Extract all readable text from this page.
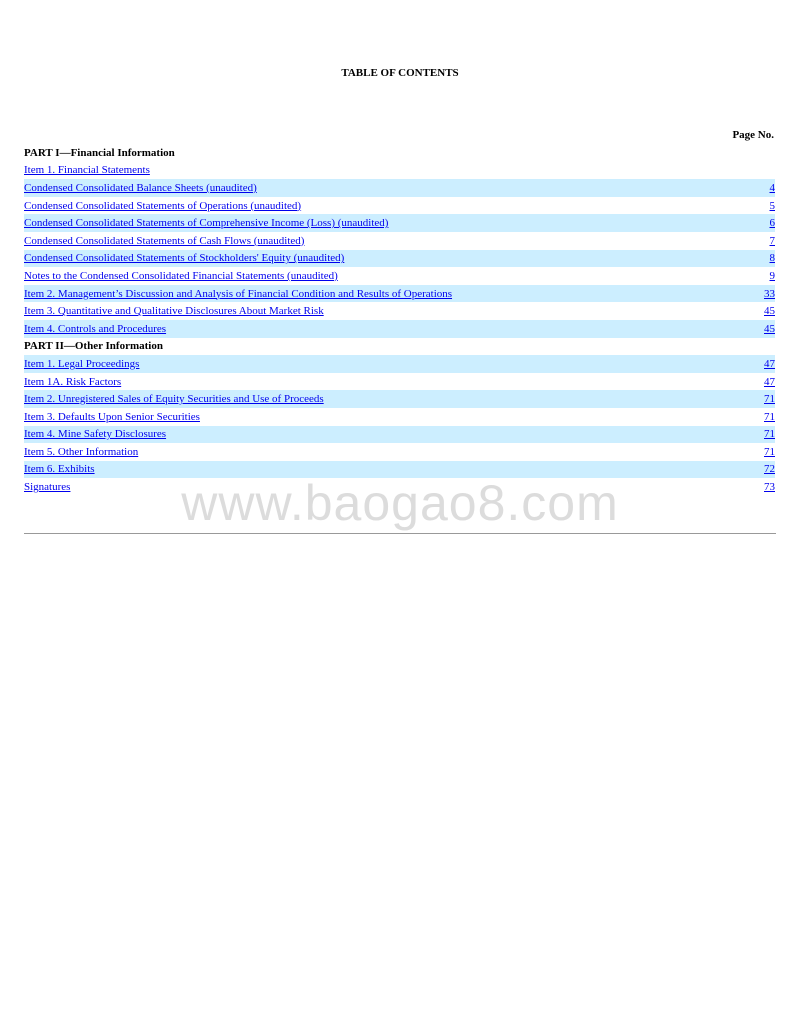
TABLE OF CONTENTS
Page No.
PART I—Financial Information
Item 1. Financial Statements
Condensed Consolidated Balance Sheets (unaudited)	4
Condensed Consolidated Statements of Operations (unaudited)	5
Condensed Consolidated Statements of Comprehensive Income (Loss) (unaudited)	6
Condensed Consolidated Statements of Cash Flows (unaudited)	7
Condensed Consolidated Statements of Stockholders' Equity (unaudited)	8
Notes to the Condensed Consolidated Financial Statements (unaudited)	9
Item 2. Management’s Discussion and Analysis of Financial Condition and Results of Operations	33
Item 3. Quantitative and Qualitative Disclosures About Market Risk	45
Item 4. Controls and Procedures	45
PART II—Other Information
Item 1. Legal Proceedings	47
Item 1A. Risk Factors	47
Item 2. Unregistered Sales of Equity Securities and Use of Proceeds	71
Item 3. Defaults Upon Senior Securities	71
Item 4. Mine Safety Disclosures	71
Item 5. Other Information	71
Item 6. Exhibits	72
Signatures	73
www.baogao8.com
